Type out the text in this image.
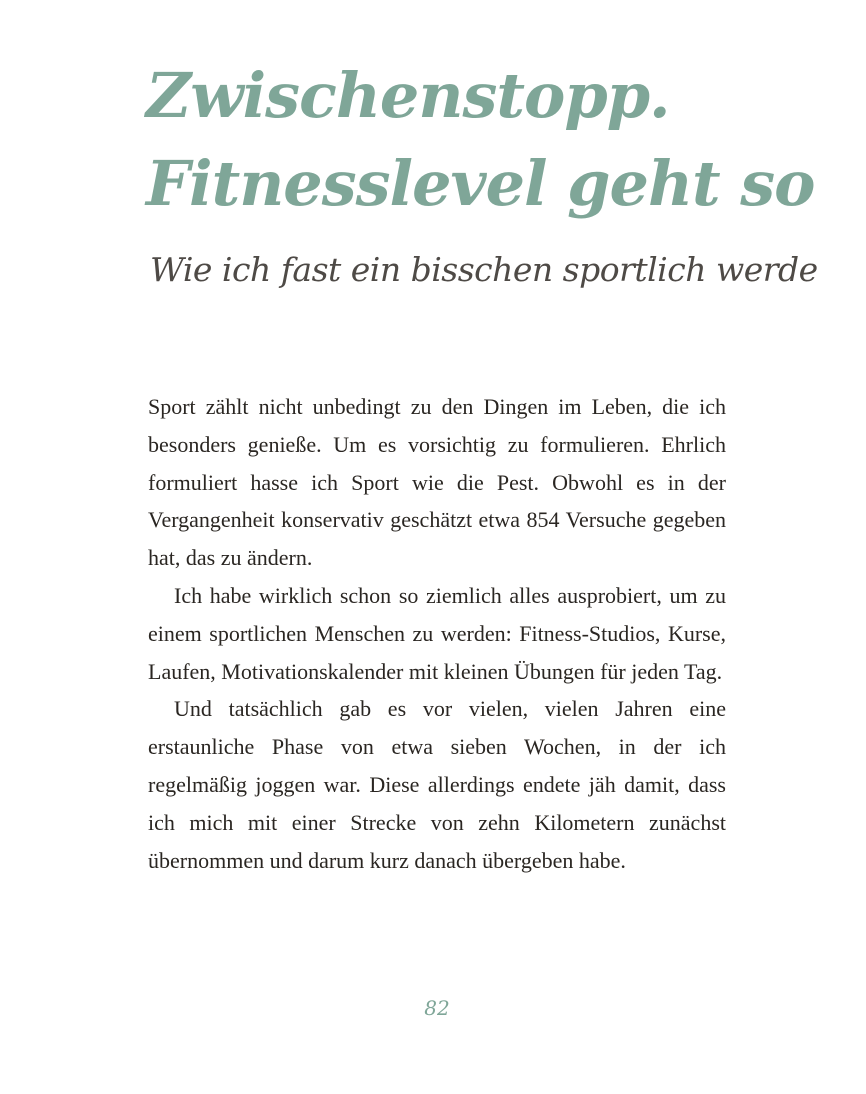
Zwischenstopp.
Fitnesslevel geht so
Wie ich fast ein bisschen sportlich werde

Sport zählt nicht unbedingt zu den Dingen im Leben, die ich besonders genieße. Um es vorsichtig zu formulieren. Ehrlich formuliert hasse ich Sport wie die Pest. Obwohl es in der Vergangenheit konservativ geschätzt etwa 854 Versuche gegeben hat, das zu ändern.

Ich habe wirklich schon so ziemlich alles ausprobiert, um zu einem sportlichen Menschen zu werden: Fitness-Studios, Kurse, Laufen, Motivationskalender mit kleinen Übungen für jeden Tag.

Und tatsächlich gab es vor vielen, vielen Jahren eine erstaunliche Phase von etwa sieben Wochen, in der ich regelmäßig joggen war. Diese allerdings endete jäh damit, dass ich mich mit einer Strecke von zehn Kilometern zunächst übernommen und darum kurz danach übergeben habe.

82
